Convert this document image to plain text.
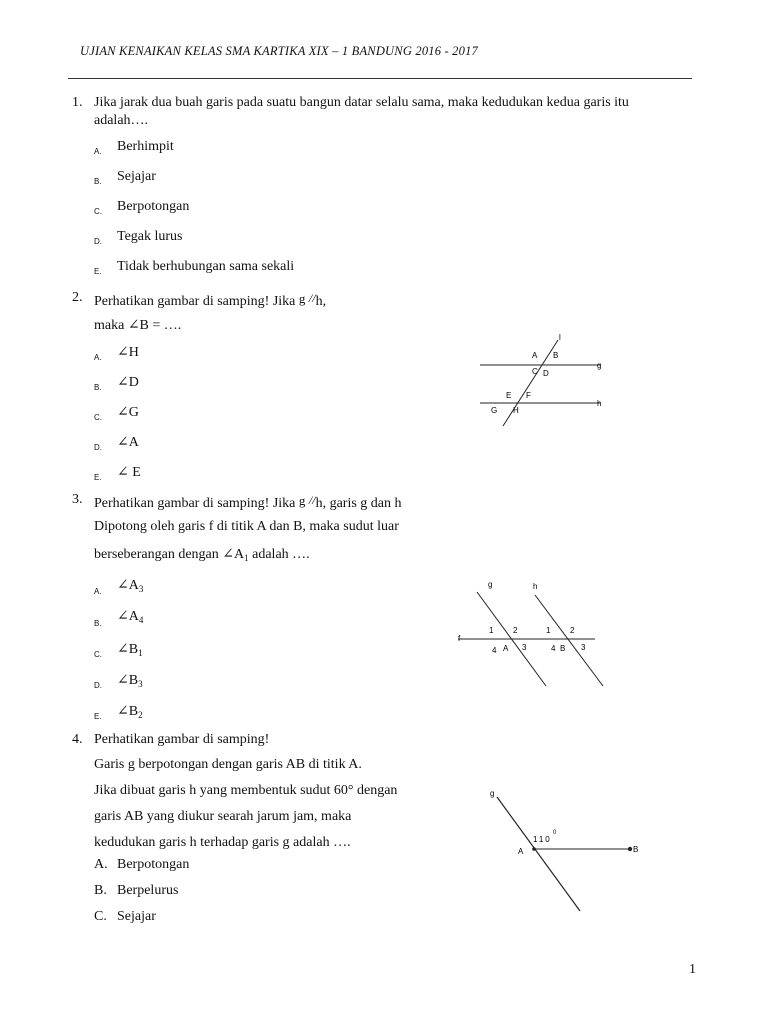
UJIAN KENAIKAN KELAS SMA KARTIKA XIX – 1 BANDUNG 2016 - 2017
1. Jika jarak dua buah garis pada suatu bangun datar selalu sama, maka kedudukan kedua garis itu
adalah….
A. Berhimpit
B. Sejajar
C. Berpotongan
D. Tegak lurus
E. Tidak berhubungan sama sekali
2. Perhatikan gambar di samping! Jika g //h,
maka ∠B = ….
A. ∠H
B. ∠D
C. ∠G
D. ∠A
E. ∠ E
l
g
h
A B
C D
E F
G H
3. Perhatikan gambar di samping! Jika g //h, garis g dan h
Dipotong oleh garis f di titik A dan B, maka sudut luar
berseberangan dengan $\angle A_1$ adalah ….
A. $\angle A_3$
B. $\angle A_4$
C. $\angle B_1$
D. $\angle B_3$
E. $\angle B_2$
g	h
f
1 2
3
4 A
1 2
3
4 B
4. Perhatikan gambar di samping!
Garis g berpotongan dengan garis AB di titik A.
Jika dibuat garis h yang membentuk sudut 60° dengan
garis AB yang diukur searah jarum jam, maka
kedudukan garis h terhadap garis g adalah ….
A. Berpotongan
B. Berpelurus
C. Sejajar
g
A	B
110
0
1
